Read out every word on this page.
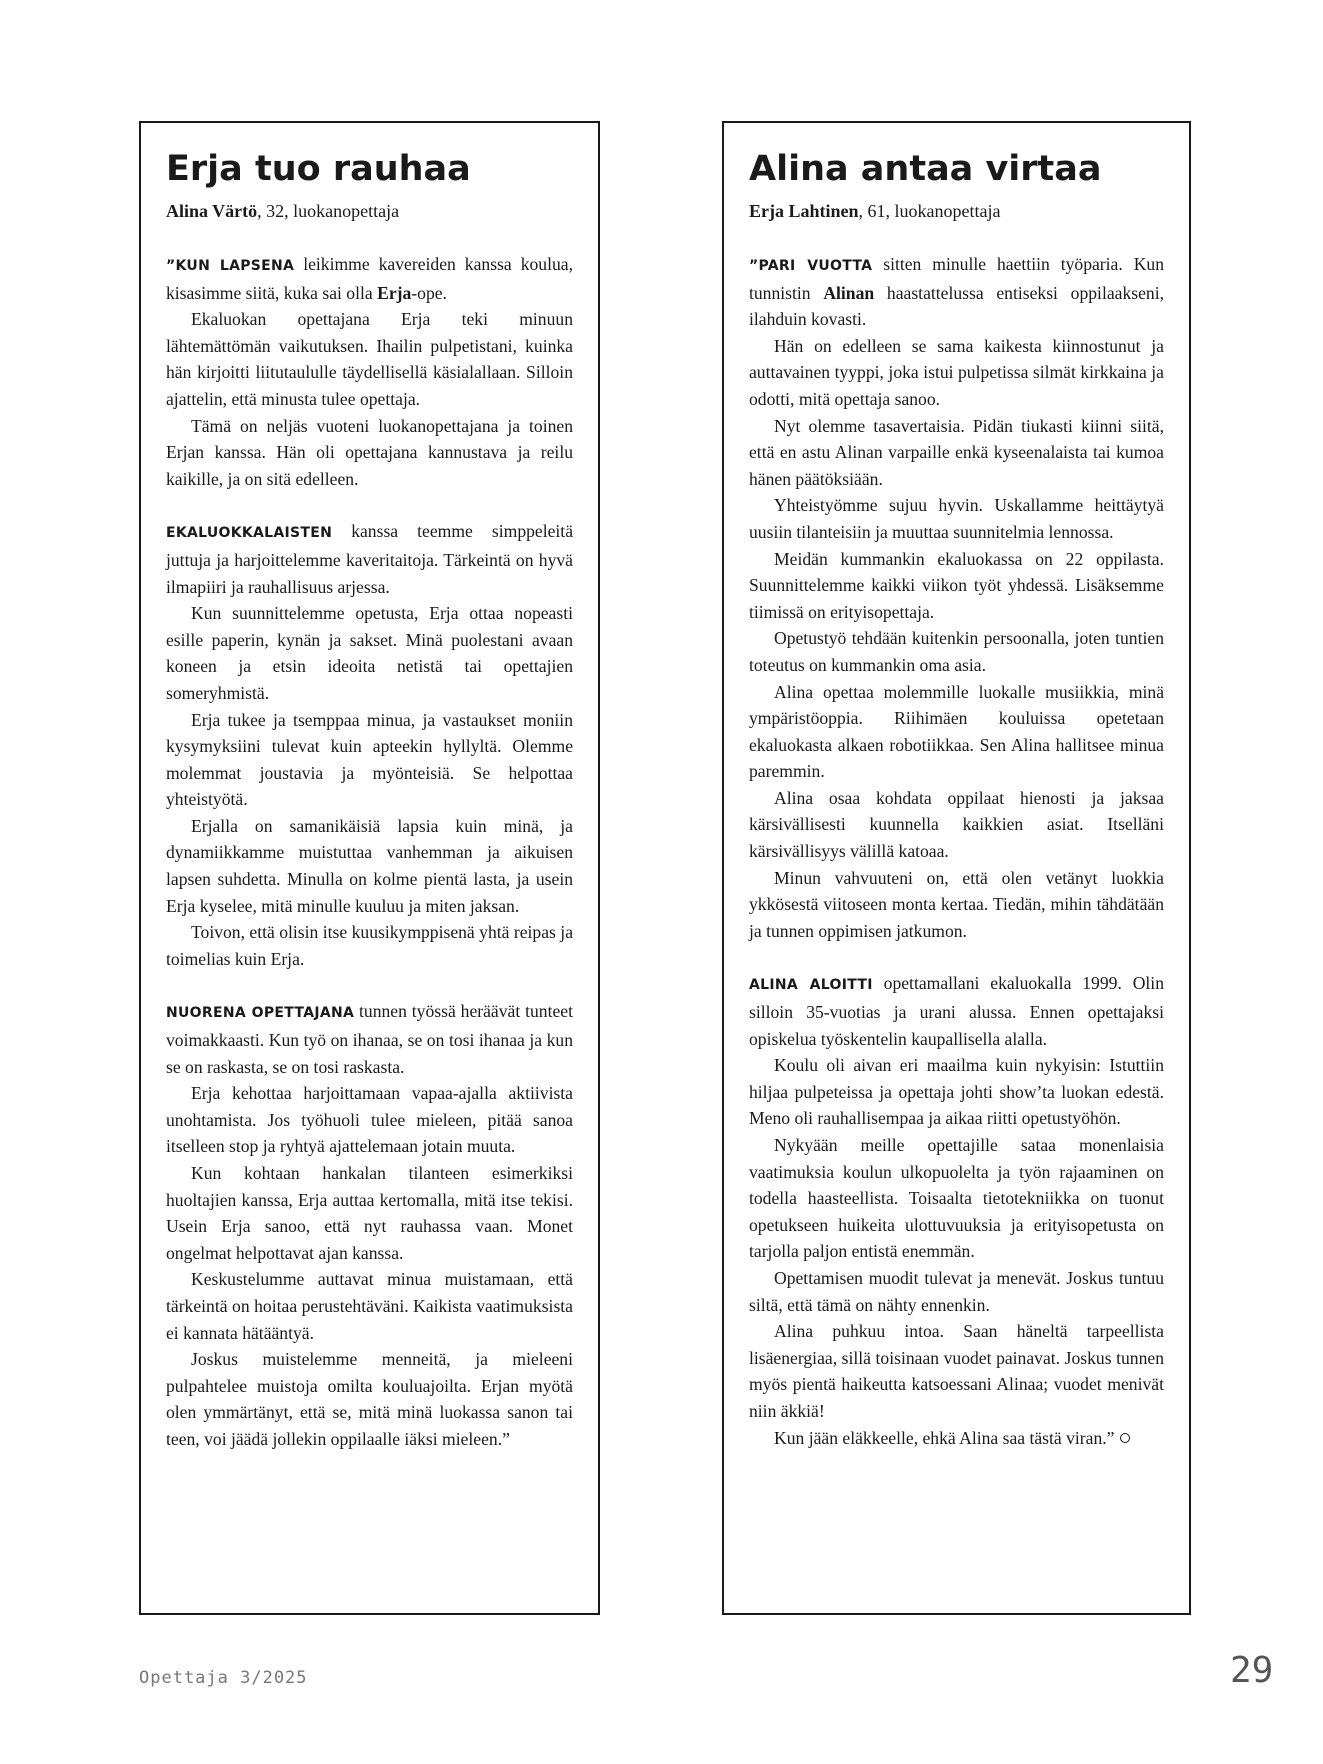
Erja tuo rauhaa

Alina Värtö, 32, luokanopettaja

”KUN LAPSENA leikimme kavereiden kanssa koulua, kisasimme siitä, kuka sai olla Erja-ope.

Ekaluokan opettajana Erja teki minuun lähtemättömän vaikutuksen. Ihailin pulpetistani, kuinka hän kirjoitti liitutaululle täydellisellä käsialallaan. Silloin ajattelin, että minusta tulee opettaja.

Tämä on neljäs vuoteni luokanopettajana ja toinen Erjan kanssa. Hän oli opettajana kannustava ja reilu kaikille, ja on sitä edelleen.

EKALUOKKALAISTEN kanssa teemme simppeleitä juttuja ja harjoittelemme kaveritaitoja. Tärkeintä on hyvä ilmapiiri ja rauhallisuus arjessa.

Kun suunnittelemme opetusta, Erja ottaa nopeasti esille paperin, kynän ja sakset. Minä puolestani avaan koneen ja etsin ideoita netistä tai opettajien someryhmistä.

Erja tukee ja tsemppaa minua, ja vastaukset moniin kysymyksiini tulevat kuin apteekin hyllyltä. Olemme molemmat joustavia ja myönteisiä. Se helpottaa yhteistyötä.

Erjalla on samanikäisiä lapsia kuin minä, ja dynamiikkamme muistuttaa vanhemman ja aikuisen lapsen suhdetta. Minulla on kolme pientä lasta, ja usein Erja kyselee, mitä minulle kuuluu ja miten jaksan.

Toivon, että olisin itse kuusikymppisenä yhtä reipas ja toimelias kuin Erja.

NUORENA OPETTAJANA tunnen työssä heräävät tunteet voimakkaasti. Kun työ on ihanaa, se on tosi ihanaa ja kun se on raskasta, se on tosi raskasta.

Erja kehottaa harjoittamaan vapaa-ajalla aktiivista unohtamista. Jos työhuoli tulee mieleen, pitää sanoa itselleen stop ja ryhtyä ajattelemaan jotain muuta.

Kun kohtaan hankalan tilanteen esimerkiksi huoltajien kanssa, Erja auttaa kertomalla, mitä itse tekisi. Usein Erja sanoo, että nyt rauhassa vaan. Monet ongelmat helpottavat ajan kanssa.

Keskustelumme auttavat minua muistamaan, että tärkeintä on hoitaa perustehtäväni. Kaikista vaatimuksista ei kannata hätääntyä.

Joskus muistelemme menneitä, ja mieleeni pulpahtelee muistoja omilta kouluajoilta. Erjan myötä olen ymmärtänyt, että se, mitä minä luokassa sanon tai teen, voi jäädä jollekin oppilaalle iäksi mieleen.”

Alina antaa virtaa

Erja Lahtinen, 61, luokanopettaja

”PARI VUOTTA sitten minulle haettiin työparia. Kun tunnistin Alinan haastattelussa entiseksi oppilaakseni, ilahduin kovasti.

Hän on edelleen se sama kaikesta kiinnostunut ja auttavainen tyyppi, joka istui pulpetissa silmät kirkkaina ja odotti, mitä opettaja sanoo.

Nyt olemme tasavertaisia. Pidän tiukasti kiinni siitä, että en astu Alinan varpaille enkä kyseenalaista tai kumoa hänen päätöksiään.

Yhteistyömme sujuu hyvin. Uskallamme heittäytyä uusiin tilanteisiin ja muuttaa suunnitelmia lennossa.

Meidän kummankin ekaluokassa on 22 oppilasta. Suunnittelemme kaikki viikon työt yhdessä. Lisäksemme tiimissä on erityisopettaja.

Opetustyö tehdään kuitenkin persoonalla, joten tuntien toteutus on kummankin oma asia.

Alina opettaa molemmille luokalle musiikkia, minä ympäristöoppia. Riihimäen kouluissa opetetaan ekaluokasta alkaen robotiikkaa. Sen Alina hallitsee minua paremmin.

Alina osaa kohdata oppilaat hienosti ja jaksaa kärsivällisesti kuunnella kaikkien asiat. Itselläni kärsivällisyys välillä katoaa.

Minun vahvuuteni on, että olen vetänyt luokkia ykkösestä viitoseen monta kertaa. Tiedän, mihin tähdätään ja tunnen oppimisen jatkumon.

ALINA ALOITTI opettamallani ekaluokalla 1999. Olin silloin 35-vuotias ja urani alussa. Ennen opettajaksi opiskelua työskentelin kaupallisella alalla.

Koulu oli aivan eri maailma kuin nykyisin: Istuttiin hiljaa pulpeteissa ja opettaja johti show’ta luokan edestä. Meno oli rauhallisempaa ja aikaa riitti opetustyöhön.

Nykyään meille opettajille sataa monenlaisia vaatimuksia koulun ulkopuolelta ja työn rajaaminen on todella haasteellista. Toisaalta tietotekniikka on tuonut opetukseen huikeita ulottuvuuksia ja erityisopetusta on tarjolla paljon entistä enemmän.

Opettamisen muodit tulevat ja menevät. Joskus tuntuu siltä, että tämä on nähty ennenkin.

Alina puhkuu intoa. Saan häneltä tarpeellista lisäenergiaa, sillä toisinaan vuodet painavat. Joskus tunnen myös pientä haikeutta katsoessani Alinaa; vuodet menivät niin äkkiä!

Kun jään eläkkeelle, ehkä Alina saa tästä viran.”

Opettaja 3/2025	29
